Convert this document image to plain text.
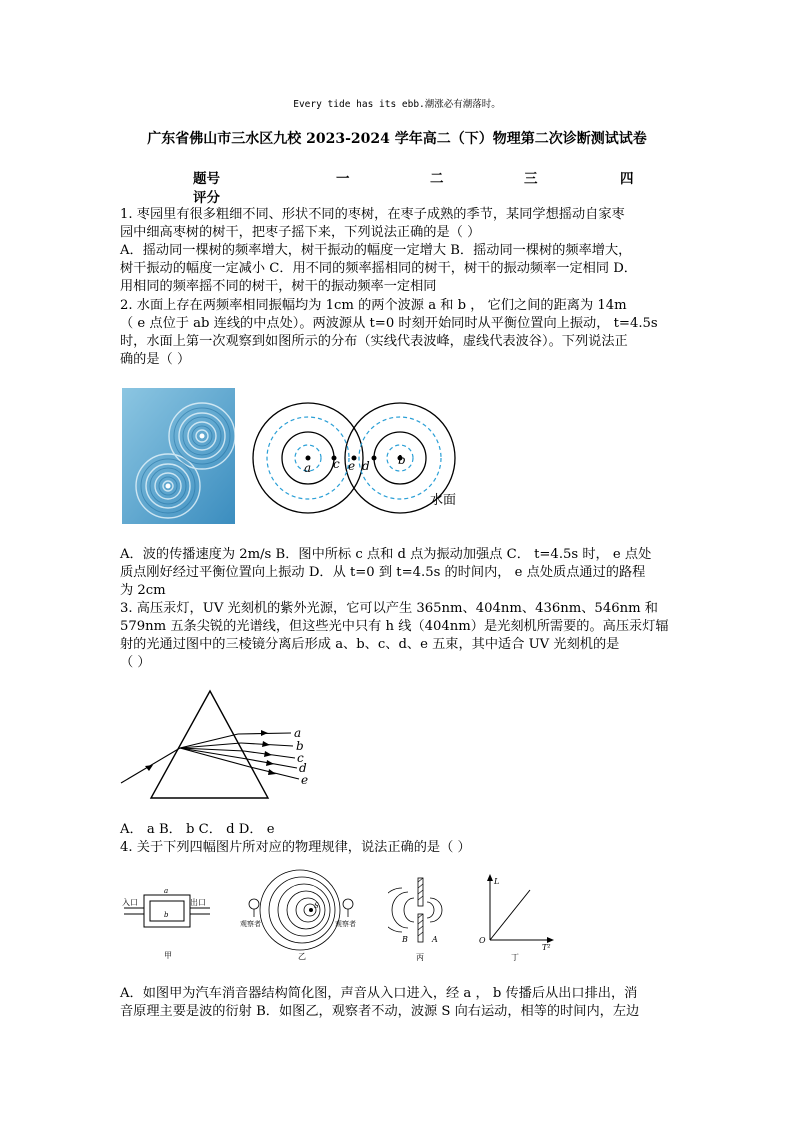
Every tide has its ebb.潮涨必有潮落时。
广东省佛山市三水区九校 2023-2024 学年高二（下）物理第二次诊断测试试卷
题号	一	二	三	四
评分
1. 枣园里有很多粗细不同、形状不同的枣树，在枣子成熟的季节，某同学想摇动自家枣
园中细高枣树的树干，把枣子摇下来，下列说法正确的是（ ）
A．摇动同一棵树的频率增大，树干振动的幅度一定增大 B．摇动同一棵树的频率增大，
树干振动的幅度一定减小 C．用不同的频率摇相同的树干，树干的振动频率一定相同 D．
用相同的频率摇不同的树干，树干的振动频率一定相同
2. 水面上存在两频率相同振幅均为 1cm 的两个波源 a 和 b ， 它们之间的距离为 14m
（ e 点位于 ab 连线的中点处）。两波源从 t=0 时刻开始同时从平衡位置向上振动， t=4.5s
时，水面上第一次观察到如图所示的分布（实线代表波峰，虚线代表波谷）。下列说法正
确的是（ ）
a c e d b
水面
A．波的传播速度为 2m/s B．图中所标 c 点和 d 点为振动加强点 C． t=4.5s 时， e 点处
质点刚好经过平衡位置向上振动 D．从 t=0 到 t=4.5s 的时间内， e 点处质点通过的路程
为 2cm
3. 高压汞灯，UV 光刻机的紫外光源，它可以产生 365nm、404nm、436nm、546nm 和
579nm 五条尖锐的光谱线，但这些光中只有 h 线（404nm）是光刻机所需要的。高压汞灯辐
射的光通过图中的三棱镜分离后形成 a、b、c、d、e 五束，其中适合 UV 光刻机的是
（ ）
a
b
c
d
e
A． a B． b C． d D． e
4. 关于下列四幅图片所对应的物理规律，说法正确的是（ ）
入口	出口
a
b
甲
S
观察者	观察者
乙
B	A
丙
L
O
T²
丁
A．如图甲为汽车消音器结构简化图，声音从入口进入，经 a ， b 传播后从出口排出，消
音原理主要是波的衍射 B．如图乙，观察者不动，波源 S 向右运动，相等的时间内，左边
